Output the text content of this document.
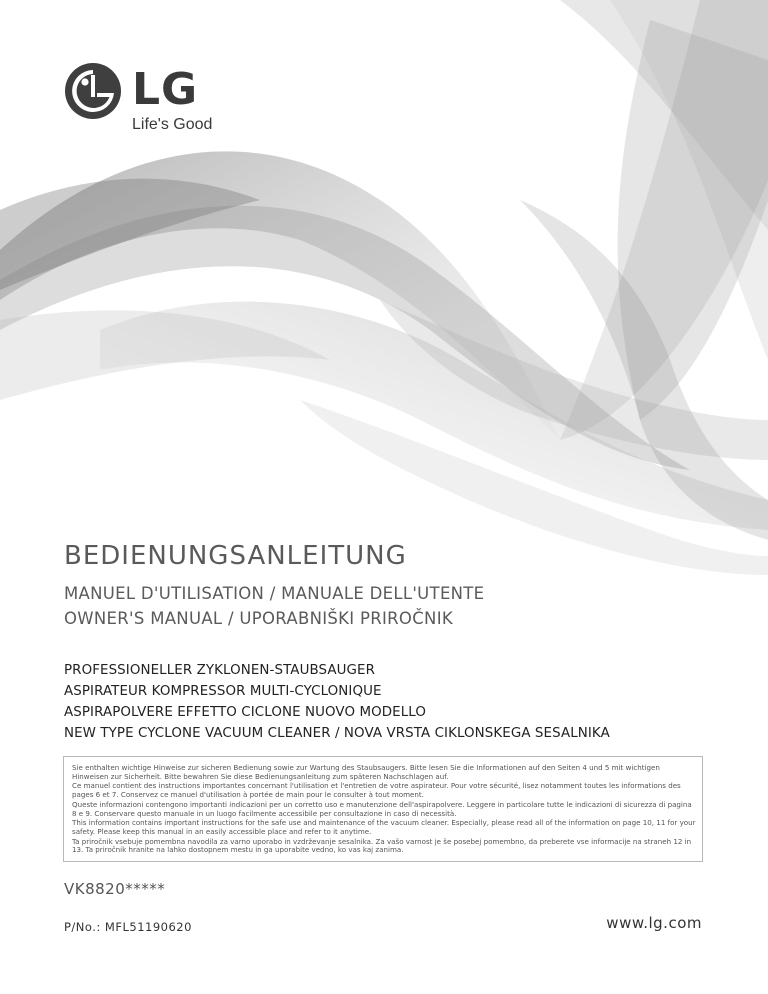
LG
Life's Good
BEDIENUNGSANLEITUNG
MANUEL D'UTILISATION / MANUALE DELL'UTENTE
OWNER'S MANUAL / UPORABNIŠKI PRIROČNIK
PROFESSIONELLER ZYKLONEN-STAUBSAUGER
ASPIRATEUR KOMPRESSOR MULTI-CYCLONIQUE
ASPIRAPOLVERE EFFETTO CICLONE NUOVO MODELLO
NEW TYPE CYCLONE VACUUM CLEANER / NOVA VRSTA CIKLONSKEGA SESALNIKA

Sie enthalten wichtige Hinweise zur sicheren Bedienung sowie zur Wartung des Staubsaugers. Bitte lesen Sie die Informationen auf den Seiten 4 und 5 mit wichtigen Hinweisen zur Sicherheit. Bitte bewahren Sie diese Bedienungsanleitung zum späteren Nachschlagen auf.

Ce manuel contient des instructions importantes concernant l'utilisation et l'entretien de votre aspirateur. Pour votre sécurité, lisez notamment toutes les informations des pages 6 et 7. Conservez ce manuel d'utilisation à portée de main pour le consulter à tout moment.

Queste informazioni contengono importanti indicazioni per un corretto uso e manutenzione dell'aspirapolvere. Leggere in particolare tutte le indicazioni di sicurezza di pagina 8 e 9. Conservare questo manuale in un luogo facilmente accessibile per consultazione in caso di necessità.

This information contains important instructions for the safe use and maintenance of the vacuum cleaner. Especially, please read all of the information on page 10, 11 for your safety. Please keep this manual in an easily accessible place and refer to it anytime.

Ta priročnik vsebuje pomembna navodila za varno uporabo in vzdrževanje sesalnika. Za vašo varnost je še posebej pomembno, da preberete vse informacije na straneh 12 in 13. Ta priročnik hranite na lahko dostopnem mestu in ga uporabite vedno, ko vas kaj zanima.

VK8820*****
P/No.: MFL51190620	www.lg.com
